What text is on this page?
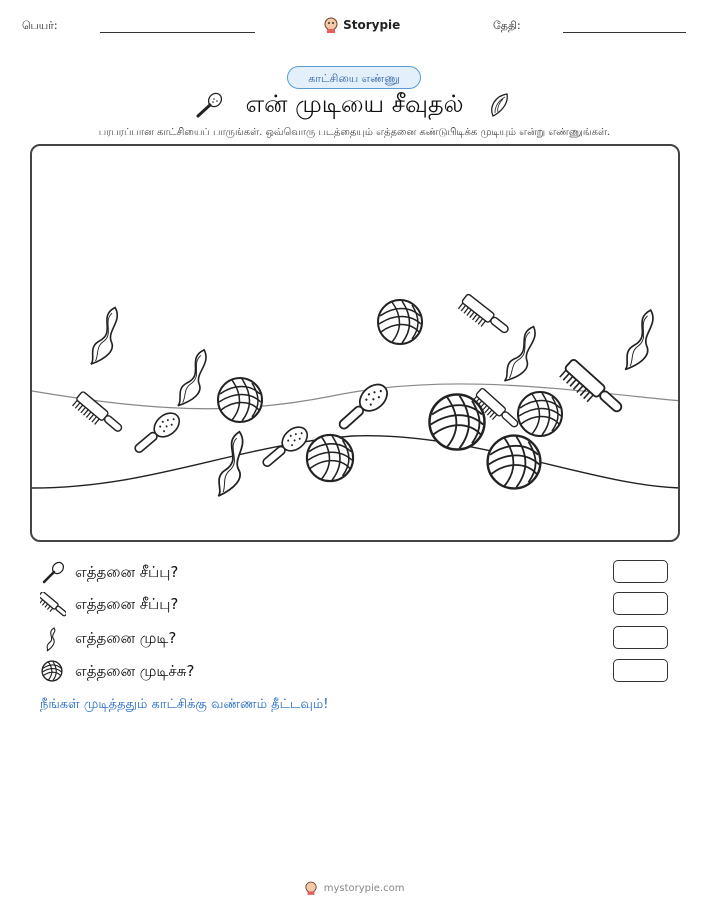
பெயர்:	Storypie	தேதி:
காட்சியை எண்ணு
என் முடியை சீவுதல்
பரபரப்பான காட்சியைப் பாருங்கள். ஒவ்வொரு படத்தையும் எத்தனை கண்டுபிடிக்க முடியும் என்று எண்ணுங்கள்.
எத்தனை சீப்பு?
எத்தனை சீப்பு?
எத்தனை முடி?
எத்தனை முடிச்சு?
நீங்கள் முடித்ததும் காட்சிக்கு வண்ணம் தீட்டவும்!
mystorypie.com
